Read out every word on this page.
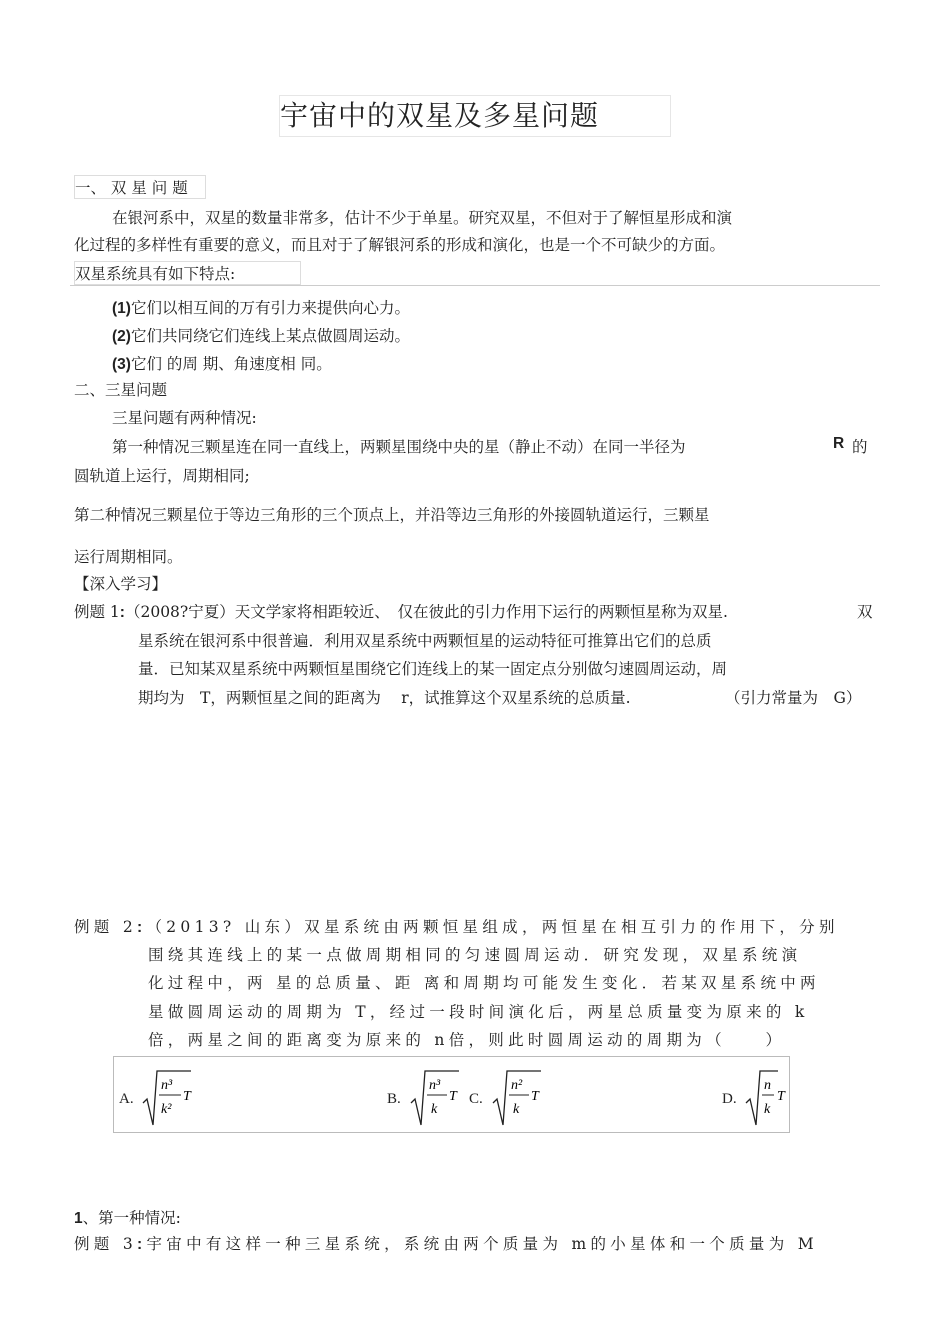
宇宙中的双星及多星问题
一、 双 星 问 题
在银河系中，双星的数量非常多，估计不少于单星。研究双星，不但对于了解恒星形成和演
化过程的多样性有重要的意义，而且对于了解银河系的形成和演化，也是一个不可缺少的方面。
双星系统具有如下特点:
(1)它们以相互间的万有引力来提供向心力。
(2)它们共同绕它们连线上某点做圆周运动。
(3)它们 的周 期、角速度相 同。
二、三星问题
三星问题有两种情况:
第一种情况三颗星连在同一直线上，两颗星围绕中央的星（静止不动）在同一半径为	R 的
圆轨道上运行，周期相同;
第二种情况三颗星位于等边三角形的三个顶点上，并沿等边三角形的外接圆轨道运行，三颗星
运行周期相同。
【深入学习】
例题 1:（2008?宁夏）天文学家将相距较近、　仅在彼此的引力作用下运行的两颗恒星称为双星.	双
星系统在银河系中很普遍．利用双星系统中两颗恒星的运动特征可推算出它们的总质
量．已知某双星系统中两颗恒星围绕它们连线上的某一固定点分别做匀速圆周运动，周
期均为　T，两颗恒星之间的距离为　 r，试推算这个双星系统的总质量.	（引力常量为　G）
例题 2:（2013? 山东）双星系统由两颗恒星组成，两恒星在相互引力的作用下，分别
围绕其连线上的某一点做周期相同的匀速圆周运动．研究发现，双星系统演
化过程中，两 星的总质量、距 离和周期均可能发生变化．若某双星系统中两
星做圆周运动的周期为 T，经过一段时间演化后，两星总质量变为原来的 k
倍，两星之间的距离变为原来的 n倍，则此时圆周运动的周期为（　　）
A.
n³
k²
T	B.
n³
k
T C.
n²
k
T	D.
n
k
T
1、第一种情况:
例题 3:宇宙中有这样一种三星系统，系统由两个质量为 m的小星体和一个质量为 M
